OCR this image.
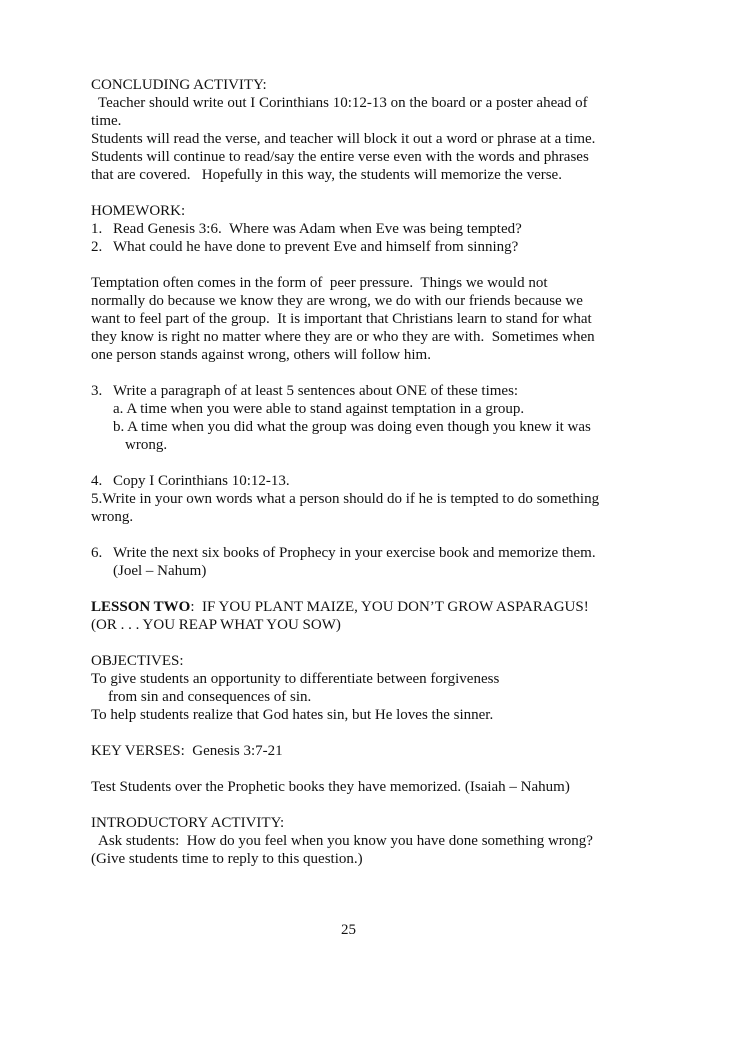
CONCLUDING ACTIVITY:
Teacher should write out I Corinthians 10:12-13 on the board or a poster ahead of
time.
Students will read the verse, and teacher will block it out a word or phrase at a time.
Students will continue to read/say the entire verse even with the words and phrases
that are covered.   Hopefully in this way, the students will memorize the verse.
HOMEWORK:
1. Read Genesis 3:6.  Where was Adam when Eve was being tempted?
2. What could he have done to prevent Eve and himself from sinning?
Temptation often comes in the form of  peer pressure.  Things we would not
normally do because we know they are wrong, we do with our friends because we
want to feel part of the group.  It is important that Christians learn to stand for what
they know is right no matter where they are or who they are with.  Sometimes when
one person stands against wrong, others will follow him.
3. Write a paragraph of at least 5 sentences about ONE of these times:
a. A time when you were able to stand against temptation in a group.
b. A time when you did what the group was doing even though you knew it was
wrong.
4. Copy I Corinthians 10:12-13.
5.Write in your own words what a person should do if he is tempted to do something
wrong.
6. Write the next six books of Prophecy in your exercise book and memorize them.
(Joel – Nahum)
LESSON TWO:  IF YOU PLANT MAIZE, YOU DON’T GROW ASPARAGUS!
(OR . . . YOU REAP WHAT YOU SOW)
OBJECTIVES:
To give students an opportunity to differentiate between forgiveness
from sin and consequences of sin.
To help students realize that God hates sin, but He loves the sinner.
KEY VERSES:  Genesis 3:7-21
Test Students over the Prophetic books they have memorized. (Isaiah – Nahum)
INTRODUCTORY ACTIVITY:
Ask students:  How do you feel when you know you have done something wrong?
(Give students time to reply to this question.)
25
